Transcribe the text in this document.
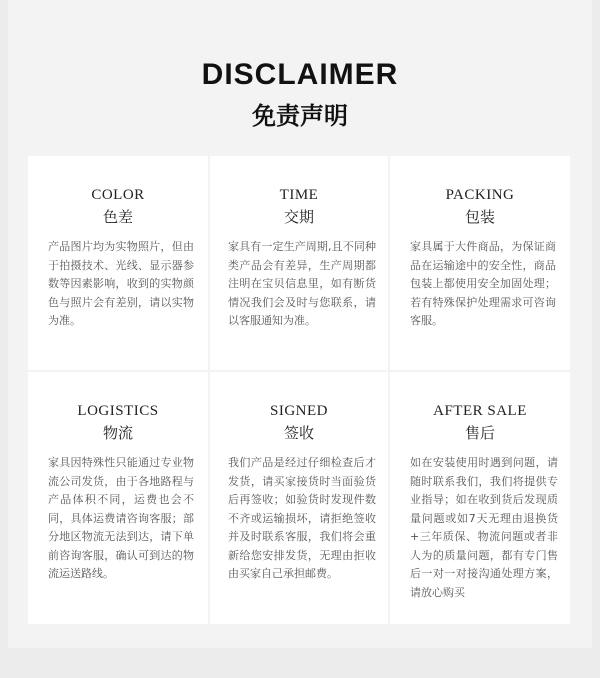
DISCLAIMER
免责声明
COLOR
色差
产品图片均为实物照片，但由于拍摄技术、光线、显示器参数等因素影响，收到的实物颜色与照片会有差别，请以实物为准。
TIME
交期
家具有一定生产周期,且不同种类产品会有差异，生产周期都注明在宝贝信息里，如有断货情况我们会及时与您联系，请以客服通知为准。
PACKING
包装
家具属于大件商品，为保证商品在运输途中的安全性，商品包装上都使用安全加固处理；若有特殊保护处理需求可咨询客服。
LOGISTICS
物流
家具因特殊性只能通过专业物流公司发货，由于各地路程与产品体积不同，运费也会不同，具体运费请咨询客服；部分地区物流无法到达，请下单前咨询客服，确认可到达的物流运送路线。
SIGNED
签收
我们产品是经过仔细检查后才发货，请买家接货时当面验货后再签收；如验货时发现件数不齐或运输损坏，请拒绝签收并及时联系客服，我们将会重新给您安排发货，无理由拒收由买家自己承担邮费。
AFTER SALE
售后
如在安装使用时遇到问题，请随时联系我们，我们将提供专业指导；如在收到货后发现质量问题或如7天无理由退换货+三年质保、物流问题或者非人为的质量问题，都有专门售后一对一对接沟通处理方案，请放心购买
